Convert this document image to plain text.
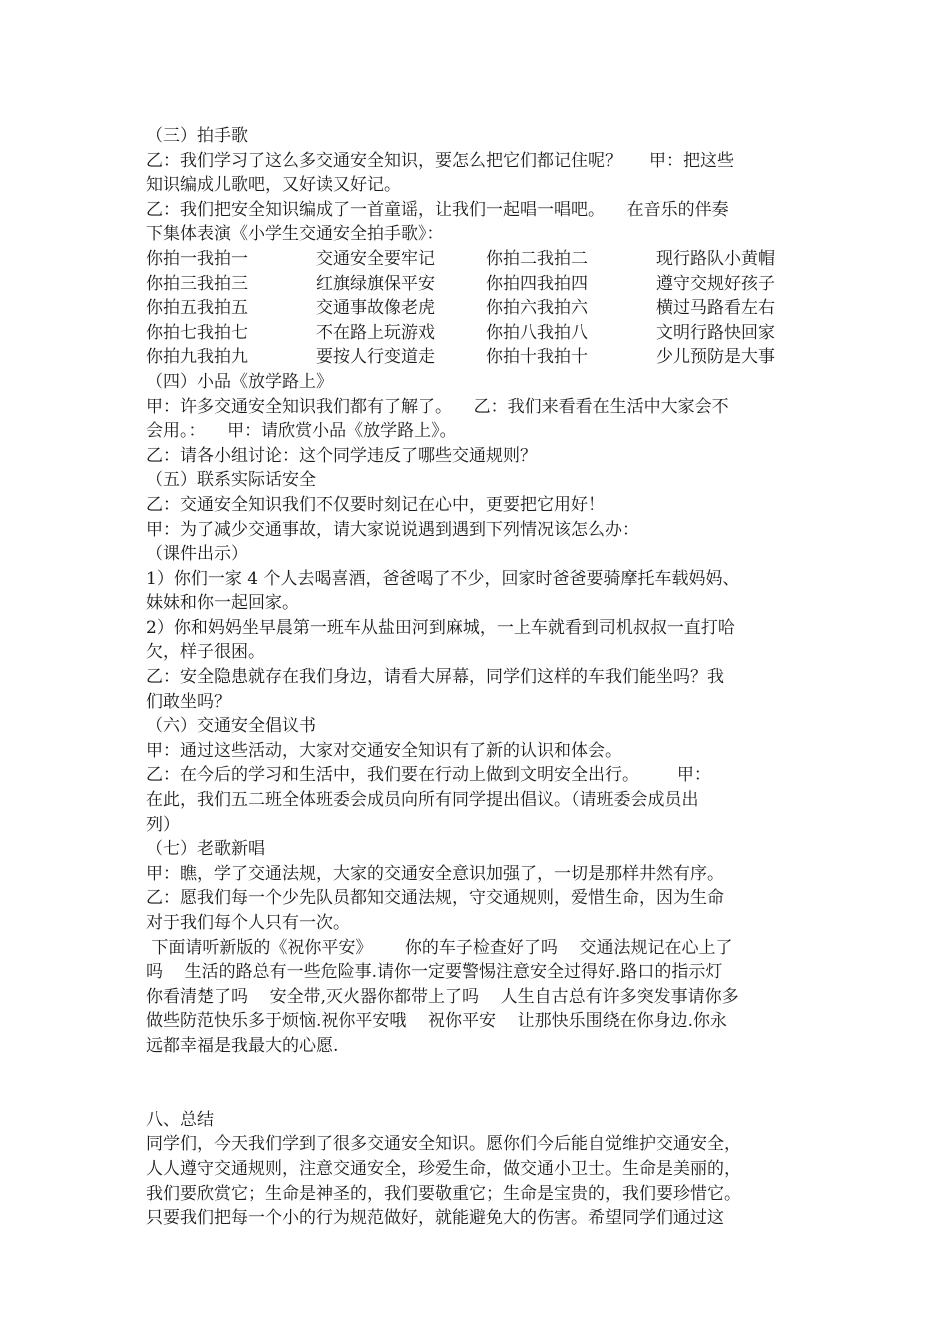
（三）拍手歌
乙：我们学习了这么多交通安全知识，要怎么把它们都记住呢？     甲：把这些
知识编成儿歌吧，又好读又好记。
乙：我们把安全知识编成了一首童谣，让我们一起唱一唱吧。    在音乐的伴奏
下集体表演《小学生交通安全拍手歌》：
你拍一我拍一	交通安全要牢记	你拍二我拍二	现行路队小黄帽
你拍三我拍三	红旗绿旗保平安	你拍四我拍四	遵守交规好孩子
你拍五我拍五	交通事故像老虎	你拍六我拍六	横过马路看左右
你拍七我拍七	不在路上玩游戏	你拍八我拍八	文明行路快回家
你拍九我拍九	要按人行变道走	你拍十我拍十	少儿预防是大事
（四）小品《放学路上》
甲：许多交通安全知识我们都有了解了。    乙：我们来看看在生活中大家会不
会用。：    甲：请欣赏小品《放学路上》。
乙：请各小组讨论：这个同学违反了哪些交通规则？
（五）联系实际话安全
乙：交通安全知识我们不仅要时刻记在心中，更要把它用好！
甲：为了减少交通事故，请大家说说遇到遇到下列情况该怎么办：
（课件出示）
1）你们一家 4 个人去喝喜酒，爸爸喝了不少，回家时爸爸要骑摩托车载妈妈、
妹妹和你一起回家。
2）你和妈妈坐早晨第一班车从盐田河到麻城，一上车就看到司机叔叔一直打哈
欠，样子很困。
乙：安全隐患就存在我们身边，请看大屏幕，同学们这样的车我们能坐吗？我
们敢坐吗？
（六）交通安全倡议书
甲：通过这些活动，大家对交通安全知识有了新的认识和体会。
乙：在今后的学习和生活中，我们要在行动上做到文明安全出行。       甲：
在此，我们五二班全体班委会成员向所有同学提出倡议。（请班委会成员出
列）
（七）老歌新唱
甲：瞧，学了交通法规，大家的交通安全意识加强了，一切是那样井然有序。
乙：愿我们每一个少先队员都知交通法规，守交通规则，爱惜生命，因为生命
对于我们每个人只有一次。
下面请听新版的《祝你平安》      你的车子检查好了吗    交通法规记在心上了
吗    生活的路总有一些危险事.请你一定要警惕注意安全过得好.路口的指示灯
你看清楚了吗    安全带,灭火器你都带上了吗    人生自古总有许多突发事请你多
做些防范快乐多于烦恼.祝你平安哦    祝你平安    让那快乐围绕在你身边.你永
远都幸福是我最大的心愿.
八、总结
同学们，今天我们学到了很多交通安全知识。愿你们今后能自觉维护交通安全，
人人遵守交通规则，注意交通安全，珍爱生命，做交通小卫士。生命是美丽的，
我们要欣赏它；生命是神圣的，我们要敬重它；生命是宝贵的，我们要珍惜它。
只要我们把每一个小的行为规范做好，就能避免大的伤害。希望同学们通过这
